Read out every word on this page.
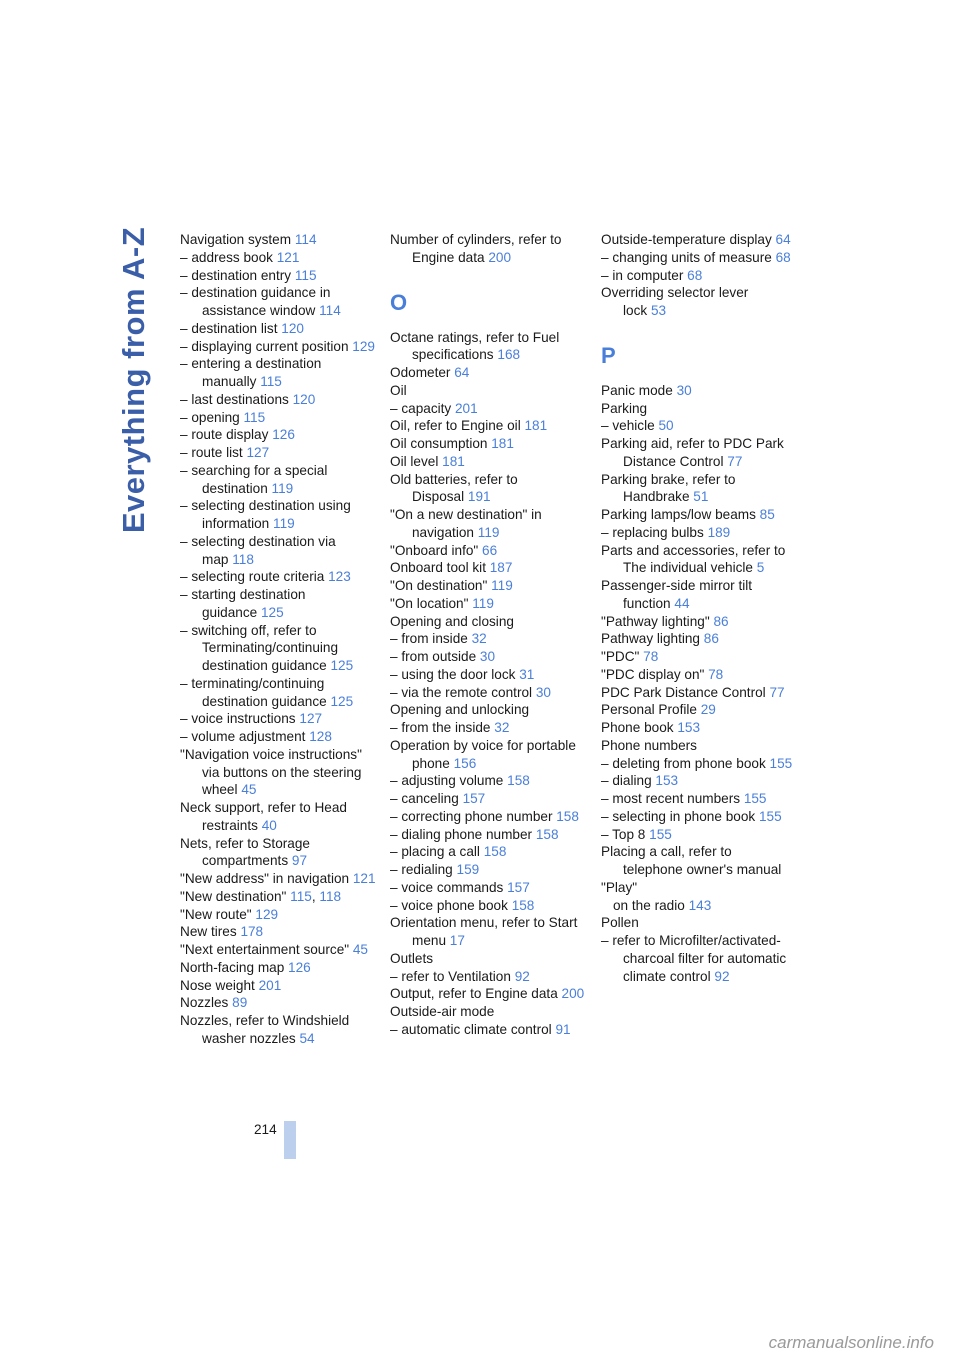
Everything from A-Z Navigation system 114
– address book 121
– destination entry 115
– destination guidance in assistance window 114
– destination list 120
– displaying current position 129
– entering a destination manually 115
– last destinations 120
– opening 115
– route display 126
– route list 127
– searching for a special destination 119
– selecting destination using information 119
– selecting destination via map 118
– selecting route criteria 123
– starting destination guidance 125
– switching off, refer to Terminating/continuing destination guidance 125
– terminating/continuing destination guidance 125
– voice instructions 127
– volume adjustment 128
"Navigation voice instructions" via buttons on the steering wheel 45
Neck support, refer to Head restraints 40
Nets, refer to Storage compartments 97
"New address" in navigation 121
"New destination" 115, 118
"New route" 129
New tires 178
"Next entertainment source" 45
North-facing map 126
Nose weight 201
Nozzles 89
Nozzles, refer to Windshield washer nozzles 54
Number of cylinders, refer to Engine data 200
O
Octane ratings, refer to Fuel specifications 168
Odometer 64
Oil
– capacity 201
Oil, refer to Engine oil 181
Oil consumption 181
Oil level 181
Old batteries, refer to Disposal 191
"On a new destination" in navigation 119
"Onboard info" 66
Onboard tool kit 187
"On destination" 119
"On location" 119
Opening and closing
– from inside 32
– from outside 30
– using the door lock 31
– via the remote control 30
Opening and unlocking
– from the inside 32
Operation by voice for portable phone 156
– adjusting volume 158
– canceling 157
– correcting phone number 158
– dialing phone number 158
– placing a call 158
– redialing 159
– voice commands 157
– voice phone book 158
Orientation menu, refer to Start menu 17
Outlets
– refer to Ventilation 92
Output, refer to Engine data 200
Outside-air mode
– automatic climate control 91
Outside-temperature display 64
– changing units of measure 68
– in computer 68
Overriding selector lever lock 53
P
Panic mode 30
Parking
– vehicle 50
Parking aid, refer to PDC Park Distance Control 77
Parking brake, refer to Handbrake 51
Parking lamps/low beams 85
– replacing bulbs 189
Parts and accessories, refer to The individual vehicle 5
Passenger-side mirror tilt function 44
"Pathway lighting" 86
Pathway lighting 86
"PDC" 78
"PDC display on" 78
PDC Park Distance Control 77
Personal Profile 29
Phone book 153
Phone numbers
– deleting from phone book 155
– dialing 153
– most recent numbers 155
– selecting in phone book 155
– Top 8 155
Placing a call, refer to telephone owner's manual
"Play"
on the radio 143
Pollen
– refer to Microfilter/activated-charcoal filter for automatic climate control 92
214
carmanualsonline.info
